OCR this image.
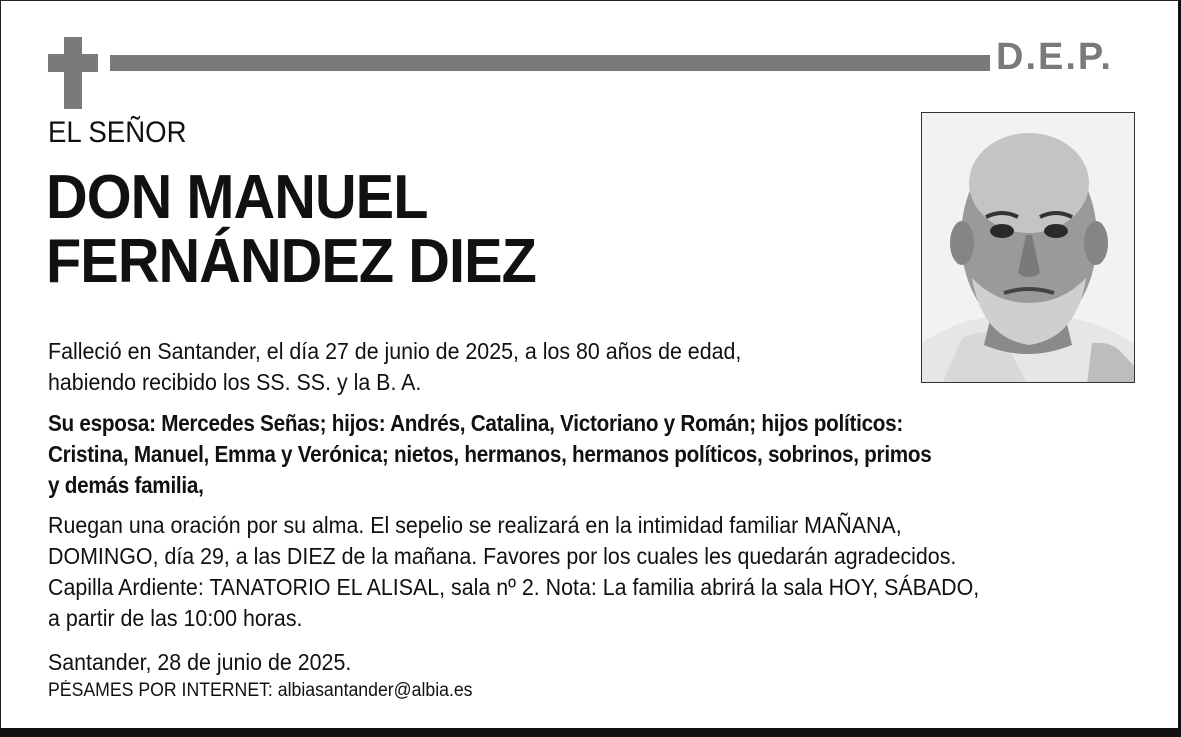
D.E.P.
EL SEÑOR
DON MANUEL
FERNÁNDEZ DIEZ
Falleció en Santander, el día 27 de junio de 2025, a los 80 años de edad,
habiendo recibido los SS. SS. y la B. A.
Su esposa: Mercedes Señas; hijos: Andrés, Catalina, Victoriano y Román; hijos políticos:
Cristina, Manuel, Emma y Verónica; nietos, hermanos, hermanos políticos, sobrinos, primos
y demás familia,
Ruegan una oración por su alma. El sepelio se realizará en la intimidad familiar MAÑANA,
DOMINGO, día 29, a las DIEZ de la mañana. Favores por los cuales les quedarán agradecidos.
Capilla Ardiente: TANATORIO EL ALISAL, sala nº 2. Nota: La familia abrirá la sala HOY, SÁBADO,
a partir de las 10:00 horas.
Santander, 28 de junio de 2025.
PÉSAMES POR INTERNET: albiasantander@albia.es
